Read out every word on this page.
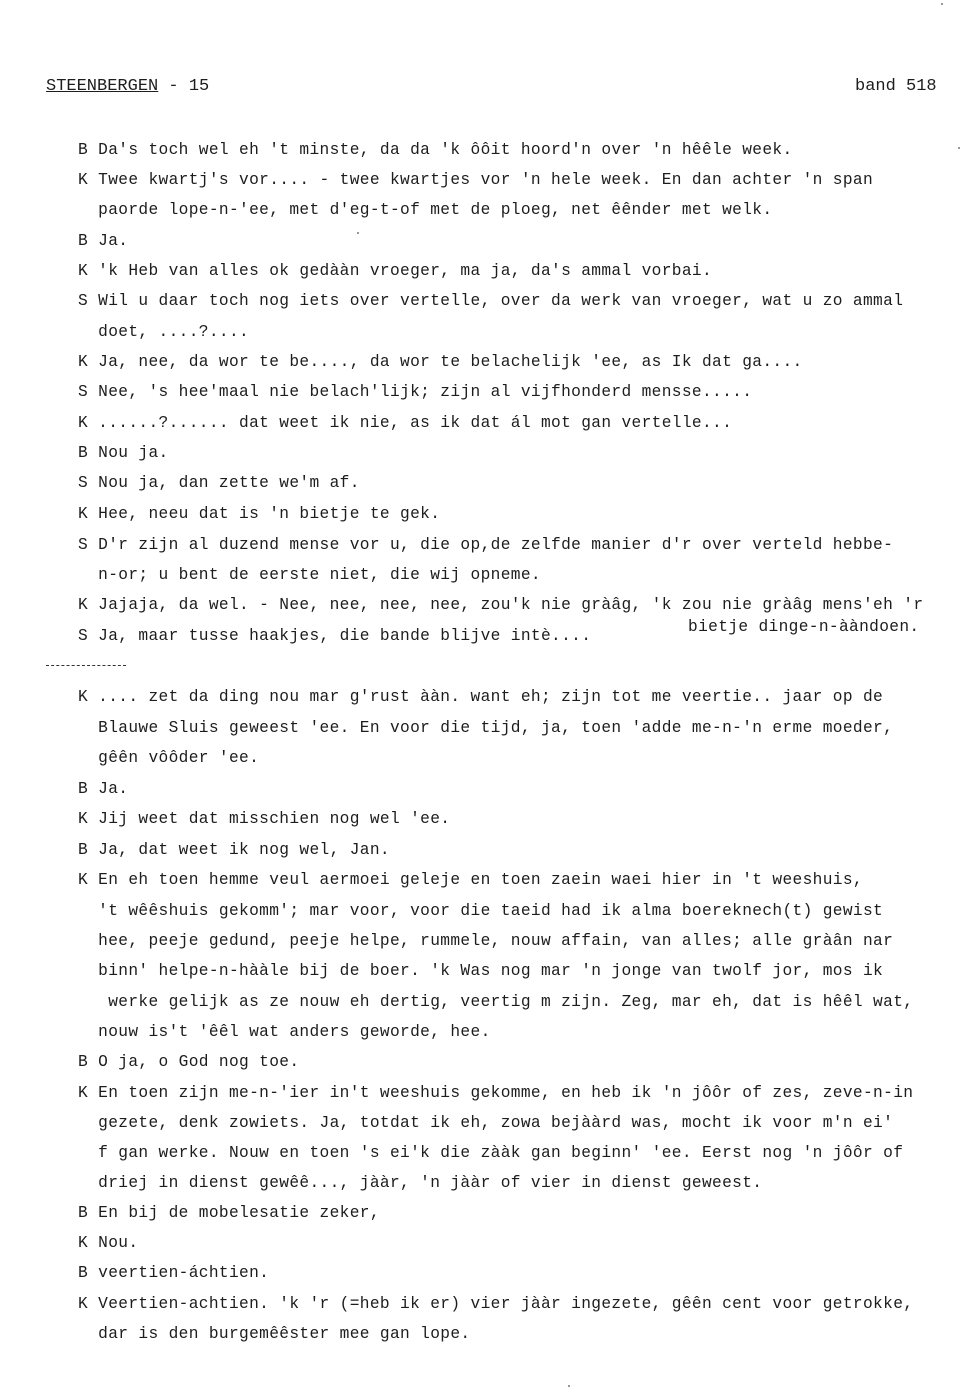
STEENBERGEN - 15	band 518
B Da's toch wel eh 't minste, da da 'k ôôit hoord'n over 'n hêêle week.
K Twee kwartj's vor.... - twee kwartjes vor 'n hele week. En dan achter 'n span
paorde lope-n-'ee, met d'eg-t-of met de ploeg, net êênder met welk.
B Ja.
K 'k Heb van alles ok gedààn vroeger, ma ja, da's ammal vorbai.
S Wil u daar toch nog iets over vertelle, over da werk van vroeger, wat u zo ammal
doet, ....?....
K Ja, nee, da wor te be...., da wor te belachelijk 'ee, as Ik dat ga....
S Nee, 's hee'maal nie belach'lijk; zijn al vijfhonderd mensse.....
K ......?...... dat weet ik nie, as ik dat ál mot gan vertelle...
B Nou ja.
S Nou ja, dan zette we'm af.
K Hee, neeu dat is 'n bietje te gek.
S D'r zijn al duzend mense vor u, die op,de zelfde manier d'r over verteld hebbe-
n-or; u bent de eerste niet, die wij opneme.
K Jajaja, da wel. - Nee, nee, nee, nee, zou'k nie gràâg, 'k zou nie gràâg mens'eh 'r
S Ja, maar tusse haakjes, die bande blijve intè....	bietje dinge-n-ààndoen.
K .... zet da ding nou mar g'rust ààn. want eh; zijn tot me veertie.. jaar op de
Blauwe Sluis geweest 'ee. En voor die tijd, ja, toen 'adde me-n-'n erme moeder,
gêên vôôder 'ee.
B Ja.
K Jij weet dat misschien nog wel 'ee.
B Ja, dat weet ik nog wel, Jan.
K En eh toen hemme veul aermoei geleje en toen zaein waei hier in 't weeshuis,
't wêêshuis gekomm'; mar voor, voor die taeid had ik alma boereknech(t) gewist
hee, peeje gedund, peeje helpe, rummele, nouw affain, van alles; alle gràân nar
binn' helpe-n-hààle bij de boer. 'k Was nog mar 'n jonge van twolf jor, mos ik
werke gelijk as ze nouw eh dertig, veertig m zijn. Zeg, mar eh, dat is hêêl wat,
nouw is't 'êêl wat anders geworde, hee.
B O ja, o God nog toe.
K En toen zijn me-n-'ier in't weeshuis gekomme, en heb ik 'n jôôr of zes, zeve-n-in
gezete, denk zowiets. Ja, totdat ik eh, zowa bejààrd was, mocht ik voor m'n ei'
f gan werke. Nouw en toen 's ei'k die zààk gan beginn' 'ee. Eerst nog 'n jôôr of
driej in dienst gewêê..., jààr, 'n jààr of vier in dienst geweest.
B En bij de mobelesatie zeker,
K Nou.
B veertien-áchtien.
K Veertien-achtien. 'k 'r (=heb ik er) vier jààr ingezete, gêên cent voor getrokke,
dar is den burgemêêster mee gan lope.
